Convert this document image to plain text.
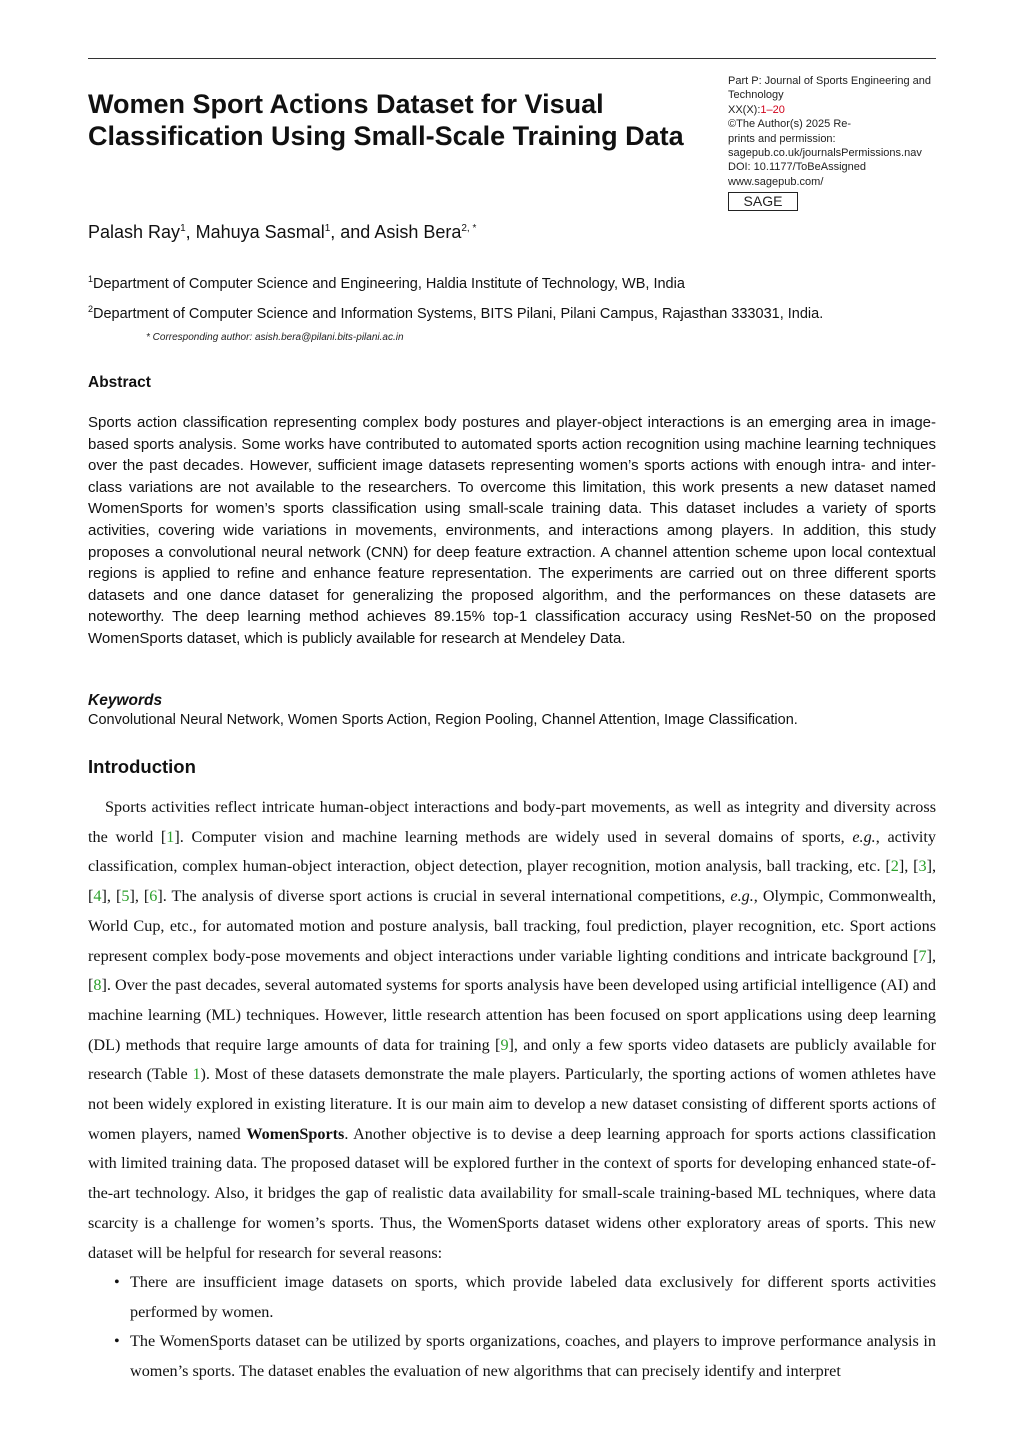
Part P: Journal of Sports Engineering and
Technology
XX(X):1–20
©The Author(s) 2025 Re-
prints and permission:
sagepub.co.uk/journalsPermissions.nav
DOI: 10.1177/ToBeAssigned
www.sagepub.com/
SAGE
Women Sport Actions Dataset for Visual Classification Using Small-Scale Training Data
Palash Ray$^1$, Mahuya Sasmal$^1$, and Asish Bera$^{2, *}$
$^1$Department of Computer Science and Engineering, Haldia Institute of Technology, WB, India
$^2$Department of Computer Science and Information Systems, BITS Pilani, Pilani Campus, Rajasthan 333031, India.
* Corresponding author: asish.bera@pilani.bits-pilani.ac.in
Abstract

Sports action classification representing complex body postures and player-object interactions is an emerging area in image-based sports analysis. Some works have contributed to automated sports action recognition using machine learning techniques over the past decades. However, sufficient image datasets representing women’s sports actions with enough intra- and inter-class variations are not available to the researchers. To overcome this limitation, this work presents a new dataset named WomenSports for women’s sports classification using small-scale training data. This dataset includes a variety of sports activities, covering wide variations in movements, environments, and interactions among players. In addition, this study proposes a convolutional neural network (CNN) for deep feature extraction. A channel attention scheme upon local contextual regions is applied to refine and enhance feature representation. The experiments are carried out on three different sports datasets and one dance dataset for generalizing the proposed algorithm, and the performances on these datasets are noteworthy. The deep learning method achieves 89.15% top-1 classification accuracy using ResNet-50 on the proposed WomenSports dataset, which is publicly available for research at Mendeley Data.

Keywords
Convolutional Neural Network, Women Sports Action, Region Pooling, Channel Attention, Image Classification.
Introduction

Sports activities reflect intricate human-object interactions and body-part movements, as well as integrity and diversity across the world [1]. Computer vision and machine learning methods are widely used in several domains of sports, e.g., activity classification, complex human-object interaction, object detection, player recognition, motion analysis, ball tracking, etc. [2], [3], [4], [5], [6]. The analysis of diverse sport actions is crucial in several international competitions, e.g., Olympic, Commonwealth, World Cup, etc., for automated motion and posture analysis, ball tracking, foul prediction, player recognition, etc. Sport actions represent complex body-pose movements and object interactions under variable lighting conditions and intricate background [7], [8]. Over the past decades, several automated systems for sports analysis have been developed using artificial intelligence (AI) and machine learning (ML) techniques. However, little research attention has been focused on sport applications using deep learning (DL) methods that require large amounts of data for training [9], and only a few sports video datasets are publicly available for research (Table 1). Most of these datasets demonstrate the male players. Particularly, the sporting actions of women athletes have not been widely explored in existing literature. It is our main aim to develop a new dataset consisting of different sports actions of women players, named WomenSports. Another objective is to devise a deep learning approach for sports actions classification with limited training data. The proposed dataset will be explored further in the context of sports for developing enhanced state-of-the-art technology. Also, it bridges the gap of realistic data availability for small-scale training-based ML techniques, where data scarcity is a challenge for women’s sports. Thus, the WomenSports dataset widens other exploratory areas of sports. This new dataset will be helpful for research for several reasons:

• There are insufficient image datasets on sports, which provide labeled data exclusively for different sports activities performed by women.
• The WomenSports dataset can be utilized by sports organizations, coaches, and players to improve performance analysis in women’s sports. The dataset enables the evaluation of new algorithms that can precisely identify and interpret
